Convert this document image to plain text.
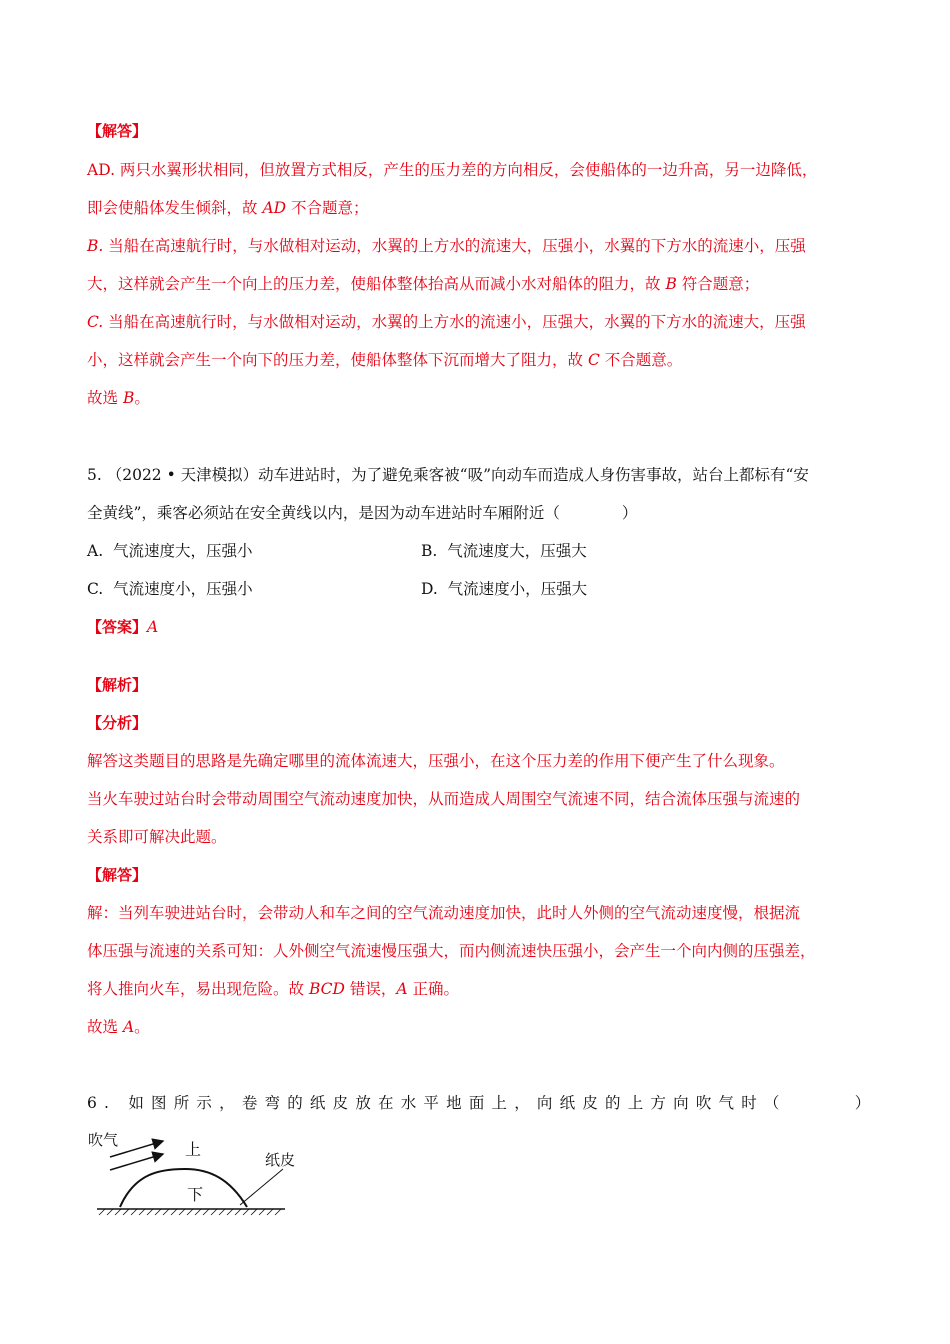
【解答】
AD. 两只水翼形状相同，但放置方式相反，产生的压力差的方向相反，会使船体的一边升高，另一边降低，
即会使船体发生倾斜，故 AD 不合题意；
B. 当船在高速航行时，与水做相对运动，水翼的上方水的流速大，压强小，水翼的下方水的流速小，压强
大，这样就会产生一个向上的压力差，使船体整体抬高从而减小水对船体的阻力，故 B 符合题意；
C. 当船在高速航行时，与水做相对运动，水翼的上方水的流速小，压强大，水翼的下方水的流速大，压强
小，这样就会产生一个向下的压力差，使船体整体下沉而增大了阻力，故 C 不合题意。
故选 B。
5. （2022 • 天津模拟）动车进站时，为了避免乘客被“吸”向动车而造成人身伤害事故，站台上都标有“安
全黄线”，乘客必须站在安全黄线以内，是因为动车进站时车厢附近（　　　　）
A. 气流速度大，压强小	B. 气流速度大，压强大
C. 气流速度小，压强小	D. 气流速度小，压强大
【答案】A
【解析】
【分析】
解答这类题目的思路是先确定哪里的流体流速大，压强小，在这个压力差的作用下便产生了什么现象。
当火车驶过站台时会带动周围空气流动速度加快，从而造成人周围空气流速不同，结合流体压强与流速的
关系即可解决此题。
【解答】
解：当列车驶进站台时，会带动人和车之间的空气流动速度加快，此时人外侧的空气流动速度慢，根据流
体压强与流速的关系可知：人外侧空气流速慢压强大，而内侧流速快压强小，会产生一个向内侧的压强差，
将人推向火车，易出现危险。故 BCD 错误，A 正确。
故选 A。
6. 如图所示，卷弯的纸皮放在水平地面上，向纸皮的上方向吹气时（　　　）
吹气	上
纸皮
下
